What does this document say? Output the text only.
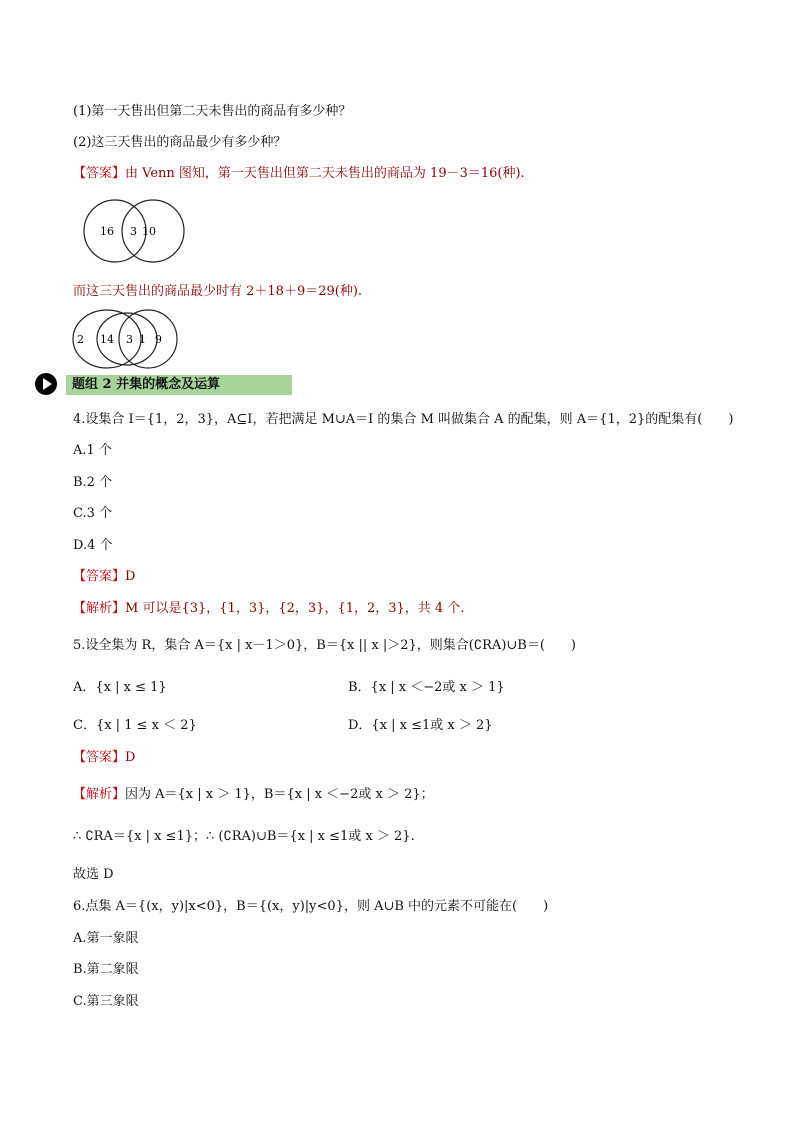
(1)第一天售出但第二天未售出的商品有多少种？
(2)这三天售出的商品最少有多少种？
【答案】由 Venn 图知，第一天售出但第二天未售出的商品为 19－3＝16(种).
16 3 10
而这三天售出的商品最少时有 2＋18＋9＝29(种).
2 14 3 1 9
题组 2 并集的概念及运算
4.设集合 I＝{1，2，3}，A⊆I，若把满足 M∪A＝I 的集合 M 叫做集合 A 的配集，则 A＝{1，2}的配集有(　　)
A.1 个
B.2 个
C.3 个
D.4 个
【答案】D
【解析】M 可以是{3}，{1，3}，{2，3}，{1，2，3}，共 4 个.
5.设全集为 R，集合 A＝{x | x－1＞0}，B＝{x || x |＞2}，则集合(∁RA)∪B＝(　　)
A．{x | x ≤ 1}	B．{x | x ＜−2或 x ＞ 1}
C．{x | 1 ≤ x ＜ 2}	D．{x | x ≤1或 x ＞ 2}
【答案】D
【解析】因为 A＝{x | x ＞ 1}，B＝{x | x ＜−2或 x ＞ 2}；
∴ ∁RA＝{x | x ≤1}；∴ (∁RA)∪B＝{x | x ≤1或 x ＞ 2}.
故选 D
6.点集 A＝{(x，y)|x<0}，B＝{(x，y)|y<0}，则 A∪B 中的元素不可能在(　　)
A.第一象限
B.第二象限
C.第三象限
